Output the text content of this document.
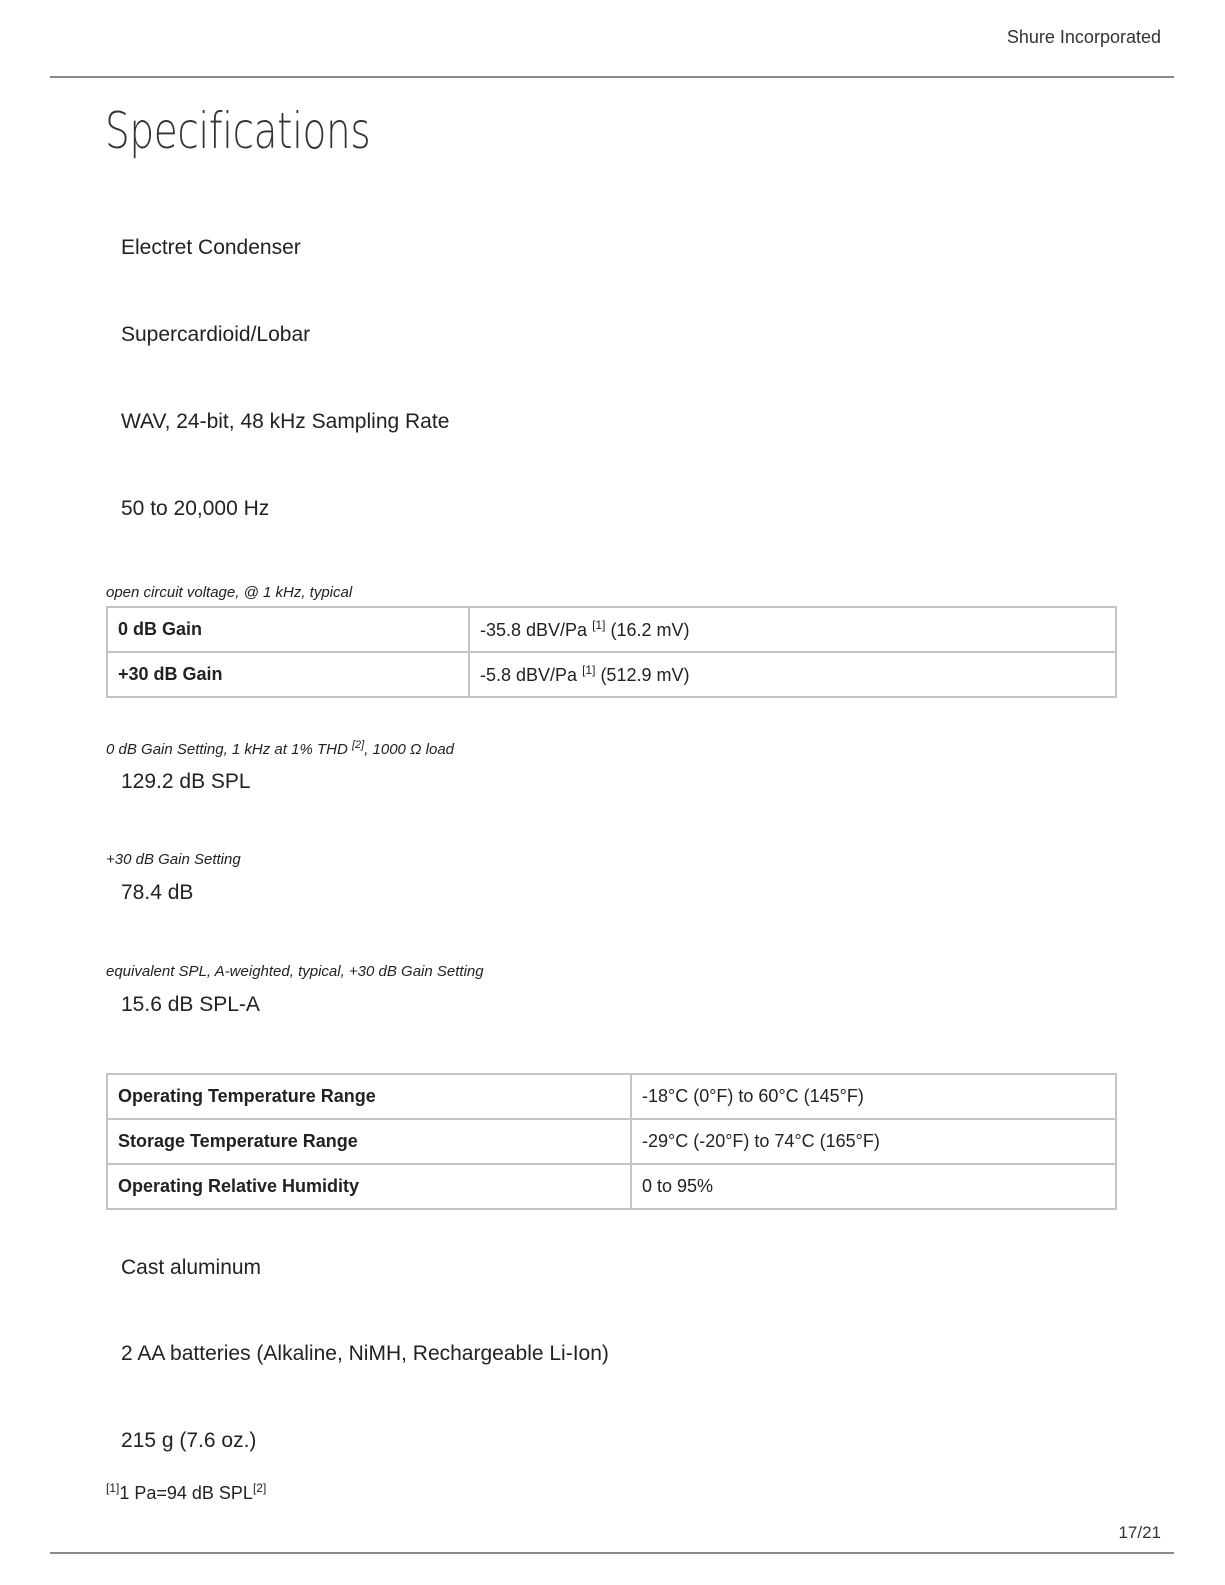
Shure Incorporated
Specifications
Electret Condenser
Supercardioid/Lobar
WAV, 24-bit, 48 kHz Sampling Rate
50 to 20,000 Hz
open circuit voltage, @ 1 kHz, typical
0 dB Gain	-35.8 dBV/Pa [1] (16.2 mV)
+30 dB Gain	-5.8 dBV/Pa [1] (512.9 mV)
0 dB Gain Setting, 1 kHz at 1% THD [2], 1000 Ω load
129.2 dB SPL
+30 dB Gain Setting
78.4 dB
equivalent SPL, A-weighted, typical, +30 dB Gain Setting
15.6 dB SPL-A
Operating Temperature Range	-18°C (0°F) to 60°C (145°F)
Storage Temperature Range	-29°C (-20°F) to 74°C (165°F)
Operating Relative Humidity	0 to 95%
Cast aluminum
2 AA batteries (Alkaline, NiMH, Rechargeable Li-Ion)
215 g (7.6 oz.)
[1]1 Pa=94 dB SPL[2]
17/21
